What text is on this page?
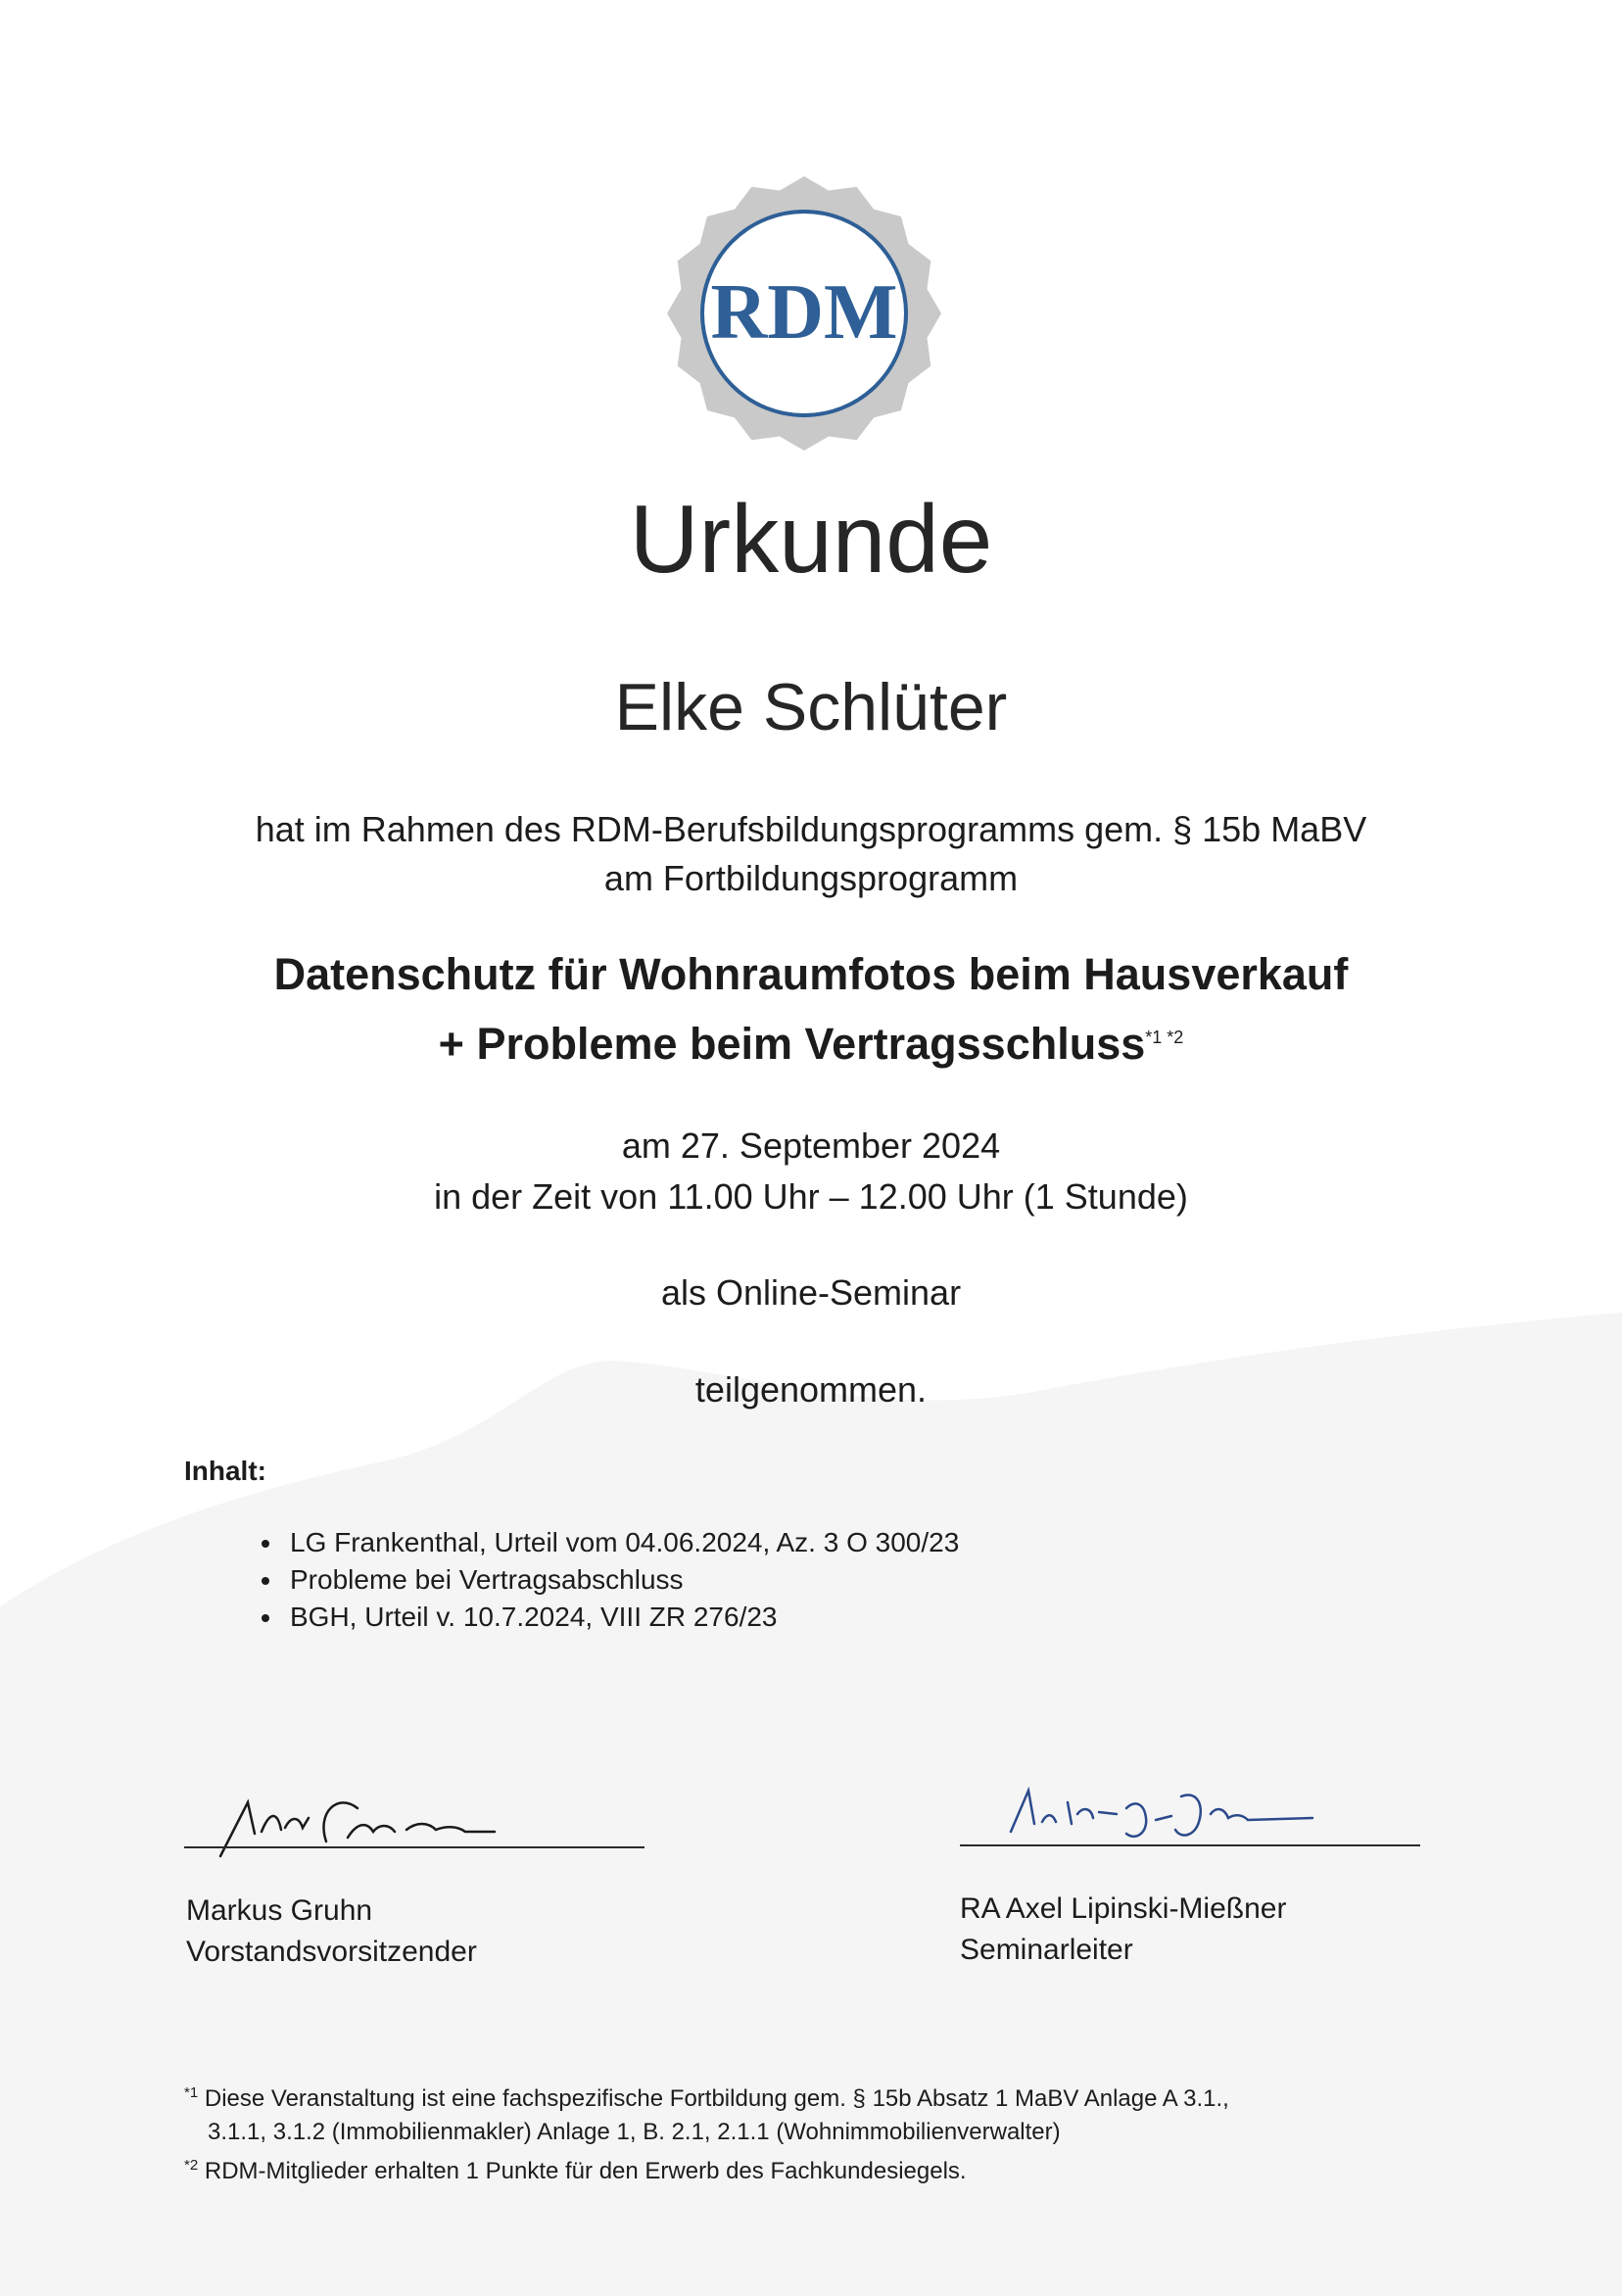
RDM
Urkunde
Elke Schlüter
hat im Rahmen des RDM-Berufsbildungsprogramms gem. § 15b MaBV
am Fortbildungsprogramm
Datenschutz für Wohnraumfotos beim Hausverkauf
+ Probleme beim Vertragsschluss$^{*1 *2}$
am 27. September 2024
in der Zeit von 11.00 Uhr – 12.00 Uhr (1 Stunde)
als Online-Seminar
teilgenommen.
Inhalt:
• LG Frankenthal, Urteil vom 04.06.2024, Az. 3 O 300/23
• Probleme bei Vertragsabschluss
• BGH, Urteil v. 10.7.2024, VIII ZR 276/23
Markus Gruhn
Vorstandsvorsitzender
RA Axel Lipinski-Mießner
Seminarleiter

$^{*1}$ Diese Veranstaltung ist eine fachspezifische Fortbildung gem. § 15b Absatz 1 MaBV Anlage A 3.1.,

3.1.1, 3.1.2 (Immobilienmakler) Anlage 1, B. 2.1, 2.1.1 (Wohnimmobilienverwalter)

$^{*2}$ RDM-Mitglieder erhalten 1 Punkte für den Erwerb des Fachkundesiegels.
